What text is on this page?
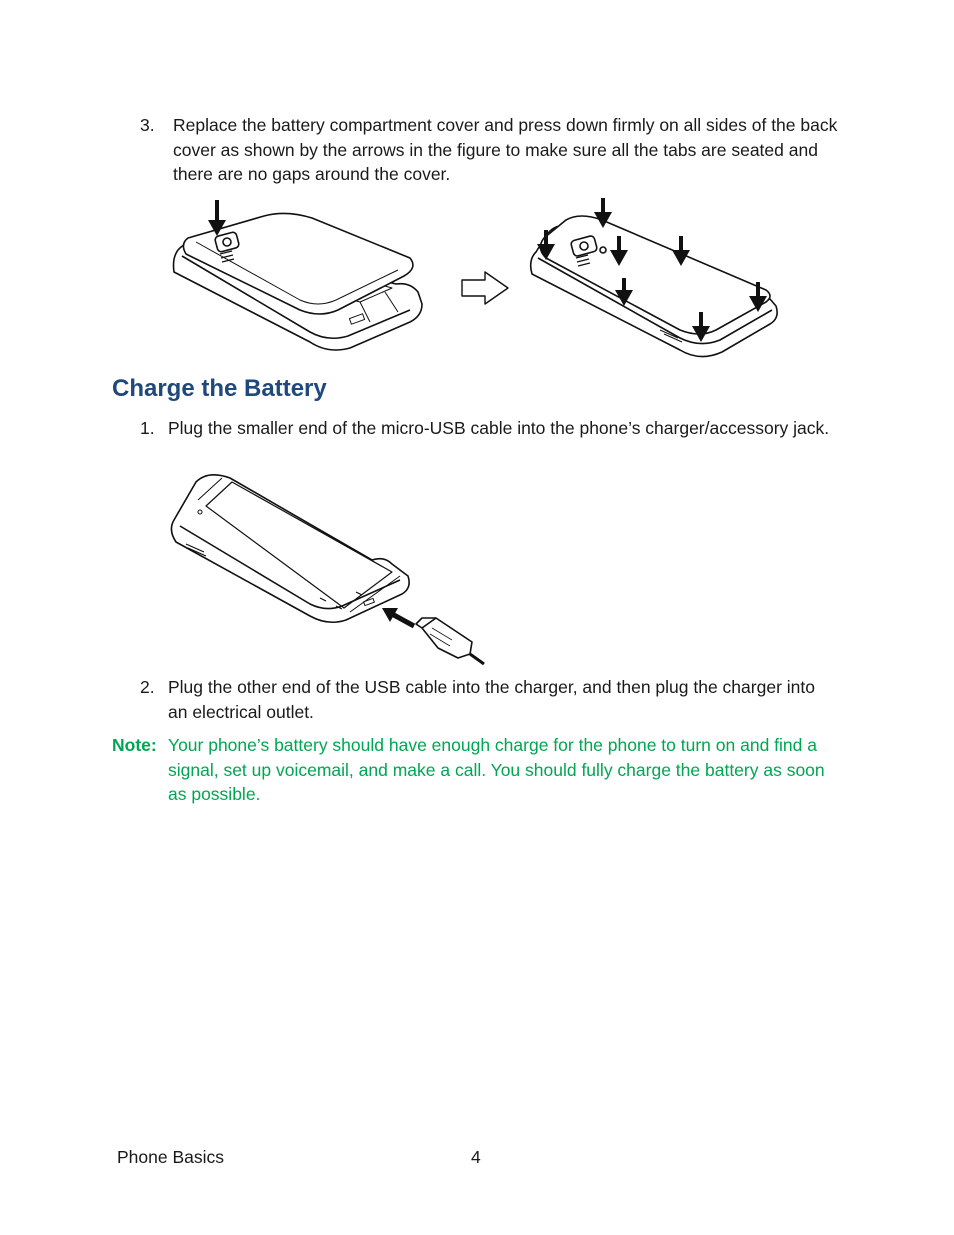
3. Replace the battery compartment cover and press down firmly on all sides of the back cover as shown by the arrows in the figure to make sure all the tabs are seated and there are no gaps around the cover.
Charge the Battery
1. Plug the smaller end of the micro-USB cable into the phone’s charger/accessory jack.
2. Plug the other end of the USB cable into the charger, and then plug the charger into an electrical outlet.
Note: Your phone’s battery should have enough charge for the phone to turn on and find a signal, set up voicemail, and make a call. You should fully charge the battery as soon as possible.
Phone Basics	4
